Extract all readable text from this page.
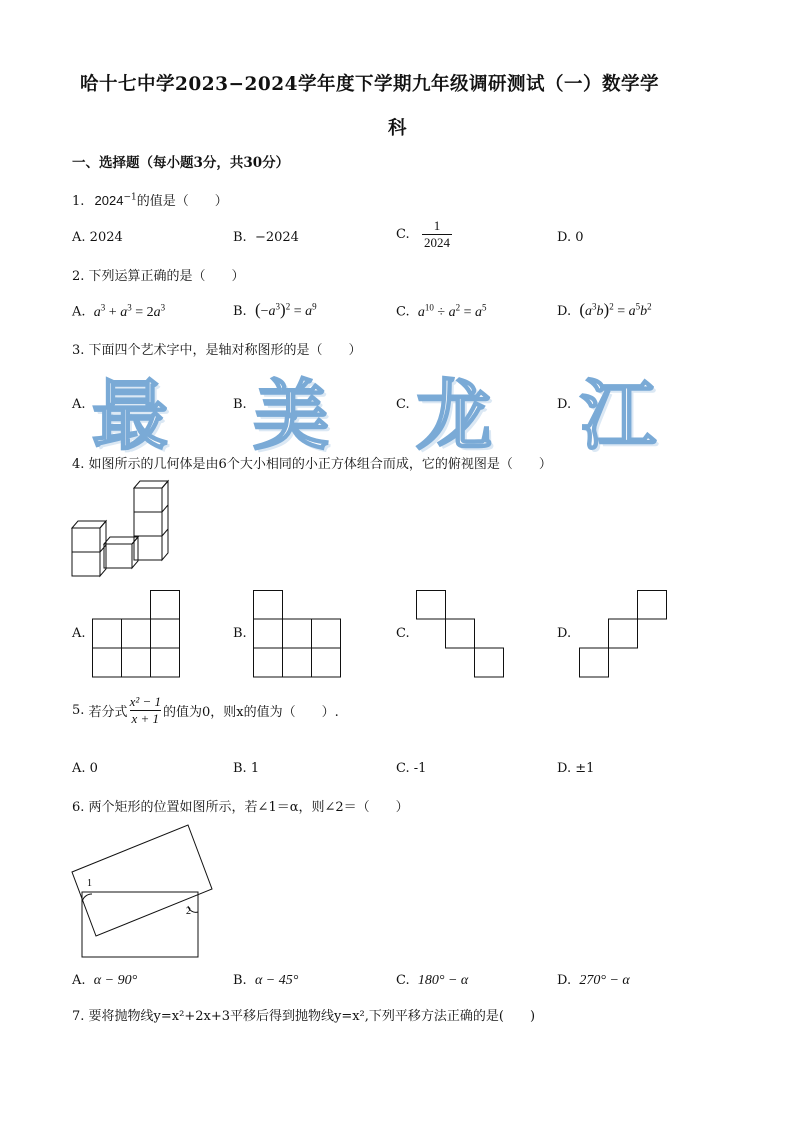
哈十七中学2023−2024学年度下学期九年级调研测试（一）数学学
科
一、选择题（每小题3分，共30分）
1. $2024^{-1}$的值是（　　）
A. 2024	B. −2024	C. $\frac{1}{2024}$	D. 0
2. 下列运算正确的是（　　）
A. $a^3 + a^3 = 2a^3$	B. $(-a^3)^2 = a^9$	C. $a^{10} \div a^2 = a^5$	D. $(a^3b)^2 = a^5b^2$
3. 下面四个艺术字中，是轴对称图形的是（　　）
A. 最	B. 美	C. 龙	D. 江
4. 如图所示的几何体是由6个大小相同的小正方体组合而成，它的俯视图是（　　）
A.	B.	C.	D.
5. 若分式 $\frac{\text{x² − 1}}{x + 1}$ 的值为0，则x的值为（　　）.
A. 0	B. 1	C. -1	D. ±1
6. 两个矩形的位置如图所示，若∠1＝α，则∠2＝（　　）
1
2
A. α − 90°	B. α − 45°	C. 180° − α	D. 270° − α
7. 要将抛物线y=x²+2x+3平移后得到抛物线y=x²,下列平移方法正确的是(　　)
